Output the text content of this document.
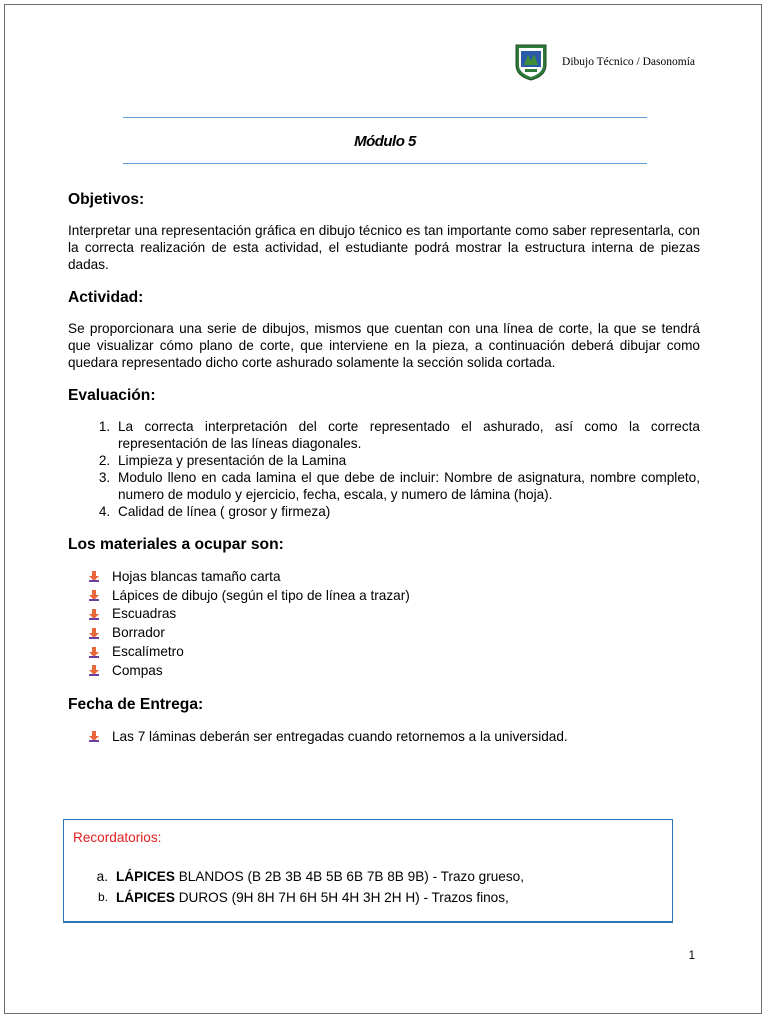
Dibujo Técnico / Dasonomía
Módulo 5
Objetivos:

Interpretar una representación gráfica en dibujo técnico es tan importante como saber representarla, con la correcta realización de esta actividad, el estudiante podrá mostrar la estructura interna de piezas dadas.

Actividad:

Se proporcionara una serie de dibujos, mismos que cuentan con una línea de corte, la que se tendrá que visualizar cómo plano de corte, que interviene en la pieza, a continuación deberá dibujar como quedara representado dicho corte ashurado solamente la sección solida cortada.

Evaluación:
1. La correcta interpretación del corte representado el ashurado, así como la correcta representación de las líneas diagonales.
2. Limpieza y presentación de la Lamina
3. Modulo lleno en cada lamina el que debe de incluir: Nombre de asignatura, nombre completo, numero de modulo y ejercicio, fecha, escala, y numero de lámina (hoja).
4. Calidad de línea ( grosor y firmeza)
Los materiales a ocupar son:
Hojas blancas tamaño carta
Lápices de dibujo (según el tipo de línea a trazar)
Escuadras
Borrador
Escalímetro
Compas
Fecha de Entrega:
Las 7 láminas deberán ser entregadas cuando retornemos a la universidad.
Recordatorios:
a. LÁPICES BLANDOS (B 2B 3B 4B 5B 6B 7B 8B 9B) - Trazo grueso,
b. LÁPICES DUROS (9H 8H 7H 6H 5H 4H 3H 2H H) - Trazos finos,
1
